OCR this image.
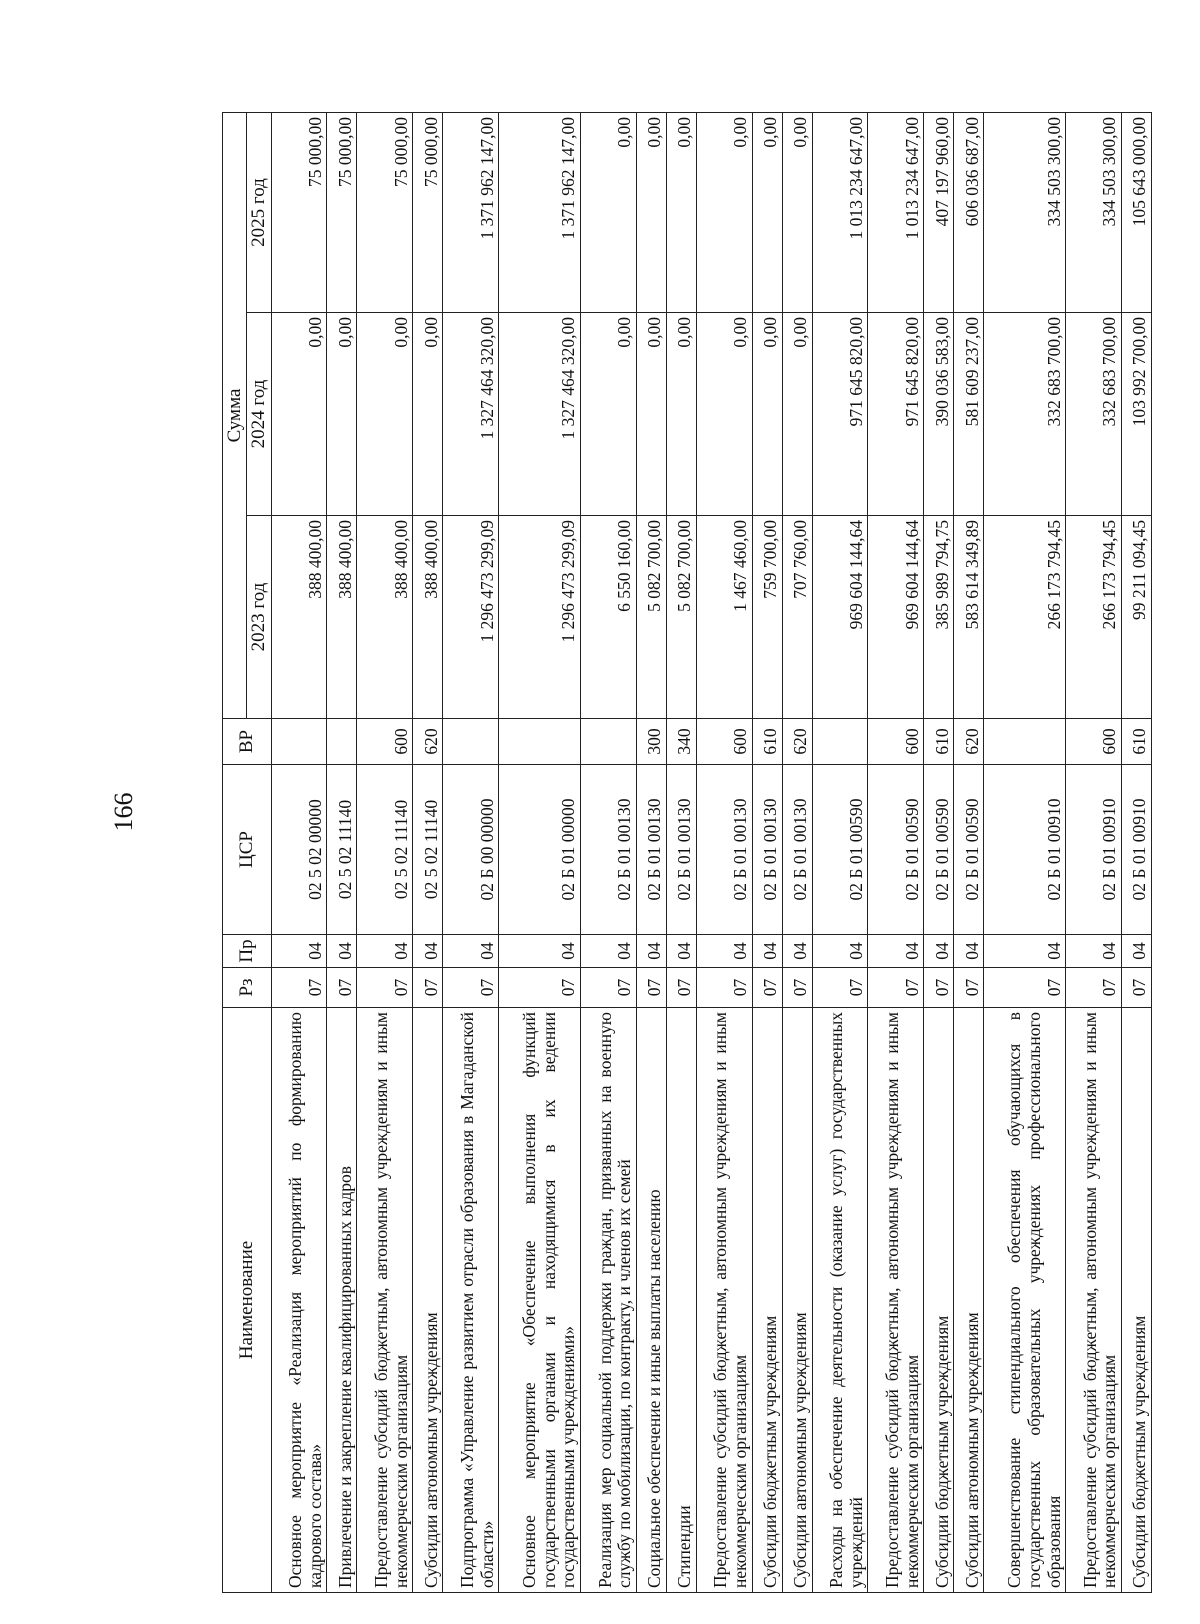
166
Наименование	Рз	Пр	ЦСР	ВР	Сумма		
					2023 год	2024 год	2025 год
Основное мероприятие «Реализация мероприятий по формированию кадрового состава»	07	04	02 5 02 00000		388 400,00	0,00	75 000,00
Привлечение и закрепление квалифицированных кадров	07	04	02 5 02 11140		388 400,00	0,00	75 000,00
Предоставление субсидий бюджетным, автономным учреждениям и иным некоммерческим организациям	07	04	02 5 02 11140	600	388 400,00	0,00	75 000,00
Субсидии автономным учреждениям	07	04	02 5 02 11140	620	388 400,00	0,00	75 000,00
Подпрограмма «Управление развитием отрасли образования в Магаданской области»	07	04	02 Б 00 00000		1 296 473 299,09	1 327 464 320,00	1 371 962 147,00
Основное мероприятие «Обеспечение выполнения функций государственными органами и находящимися в их ведении государственными учреждениями»	07	04	02 Б 01 00000		1 296 473 299,09	1 327 464 320,00	1 371 962 147,00
Реализация мер социальной поддержки граждан, призванных на военную службу по мобилизации, по контракту, и членов их семей	07	04	02 Б 01 00130		6 550 160,00	0,00	0,00
Социальное обеспечение и иные выплаты населению	07	04	02 Б 01 00130	300	5 082 700,00	0,00	0,00
Стипендии	07	04	02 Б 01 00130	340	5 082 700,00	0,00	0,00
Предоставление субсидий бюджетным, автономным учреждениям и иным некоммерческим организациям	07	04	02 Б 01 00130	600	1 467 460,00	0,00	0,00
Субсидии бюджетным учреждениям	07	04	02 Б 01 00130	610	759 700,00	0,00	0,00
Субсидии автономным учреждениям	07	04	02 Б 01 00130	620	707 760,00	0,00	0,00
Расходы на обеспечение деятельности (оказание услуг) государственных учреждений	07	04	02 Б 01 00590		969 604 144,64	971 645 820,00	1 013 234 647,00
Предоставление субсидий бюджетным, автономным учреждениям и иным некоммерческим организациям	07	04	02 Б 01 00590	600	969 604 144,64	971 645 820,00	1 013 234 647,00
Субсидии бюджетным учреждениям	07	04	02 Б 01 00590	610	385 989 794,75	390 036 583,00	407 197 960,00
Субсидии автономным учреждениям	07	04	02 Б 01 00590	620	583 614 349,89	581 609 237,00	606 036 687,00
Совершенствование стипендиального обеспечения обучающихся в государственных образовательных учреждениях профессионального образования	07	04	02 Б 01 00910		266 173 794,45	332 683 700,00	334 503 300,00
Предоставление субсидий бюджетным, автономным учреждениям и иным некоммерческим организациям	07	04	02 Б 01 00910	600	266 173 794,45	332 683 700,00	334 503 300,00
Субсидии бюджетным учреждениям	07	04	02 Б 01 00910	610	99 211 094,45	103 992 700,00	105 643 000,00
